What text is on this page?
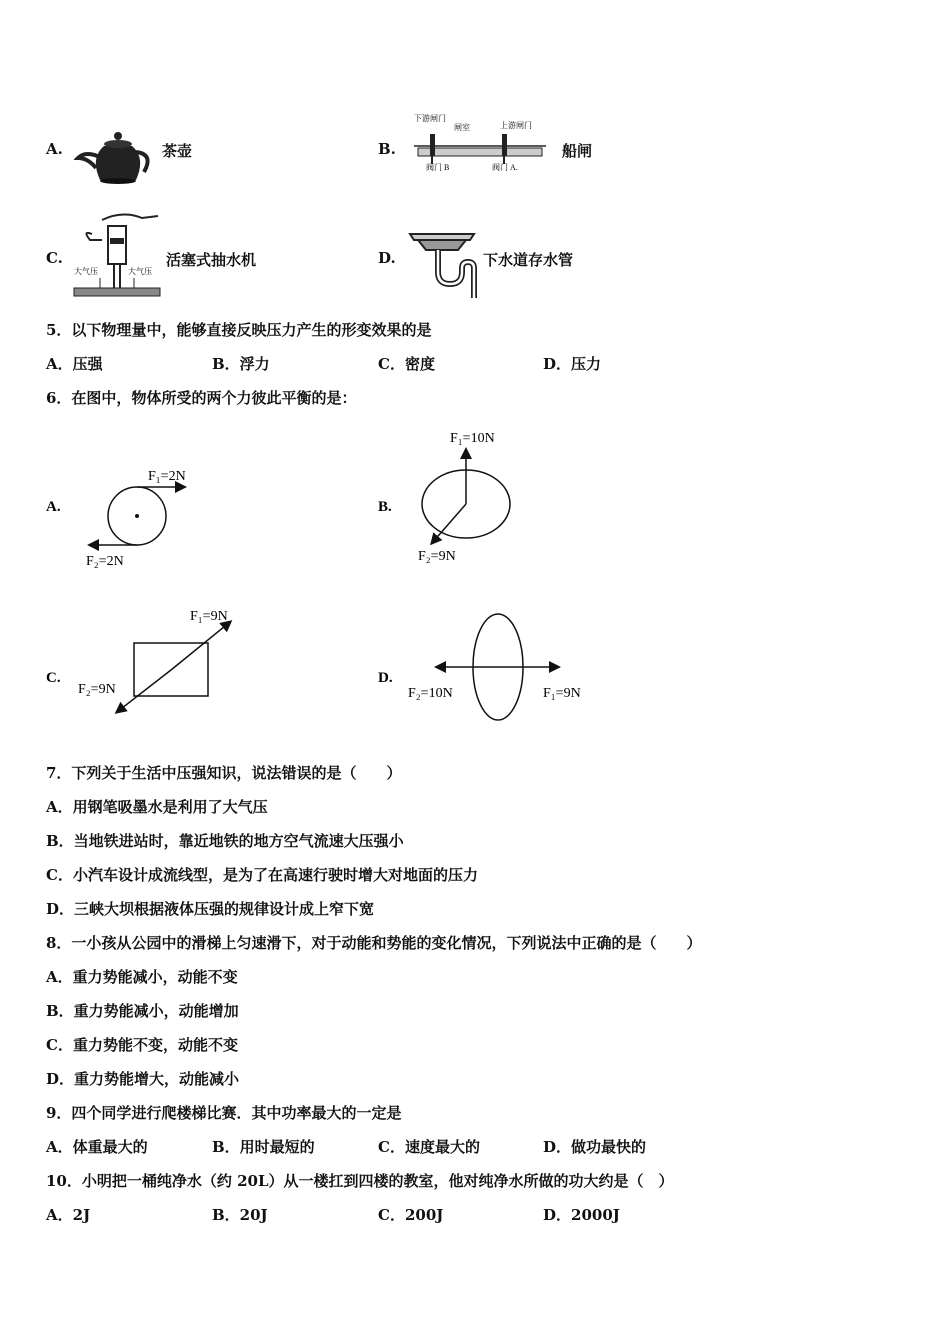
A.	茶壶	B.
下游闸门
闸室	上游闸门
阀门 B	阀门 A.
船闸
C.
大气压	大气压
活塞式抽水机	D.	下水道存水管
5．以下物理量中，能够直接反映压力产生的形变效果的是
A．压强	B．浮力	C．密度	D．压力
6．在图中，物体所受的两个力彼此平衡的是：
A.
F₁=2N
F₂=2N
B.
F₁=10N
F₂=9N
C.
F₁=9N
F₂=9N
D.
F₁=9N
F₂=10N
7．下列关于生活中压强知识，说法错误的是（　　）
A．用钢笔吸墨水是利用了大气压
B．当地铁进站时，靠近地铁的地方空气流速大压强小
C．小汽车设计成流线型，是为了在高速行驶时增大对地面的压力
D．三峡大坝根据液体压强的规律设计成上窄下宽
8．一小孩从公园中的滑梯上匀速滑下，对于动能和势能的变化情况，下列说法中正确的是（　　）
A．重力势能减小，动能不变
B．重力势能减小，动能增加
C．重力势能不变，动能不变
D．重力势能增大，动能减小
9．四个同学进行爬楼梯比赛．其中功率最大的一定是
A．体重最大的	B．用时最短的	C．速度最大的	D．做功最快的
10．小明把一桶纯净水（约 20L）从一楼扛到四楼的教室，他对纯净水所做的功大约是（　）
A．2J	B．20J	C．200J	D．2000J
